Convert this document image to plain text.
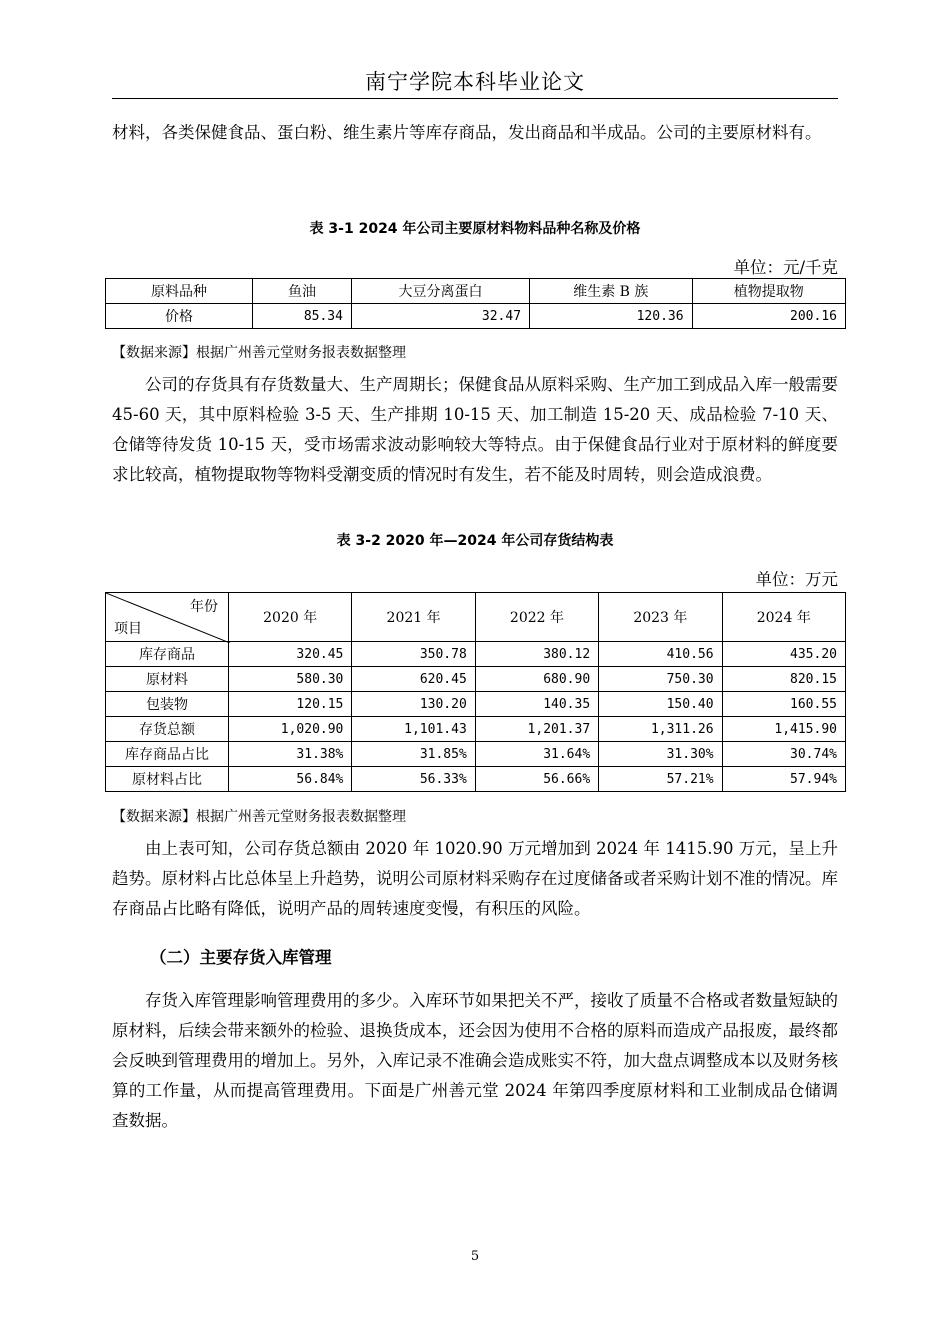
南宁学院本科毕业论文

材料，各类保健食品、蛋白粉、维生素片等库存商品，发出商品和半成品。公司的主要原材料有。

表 3-1 2024 年公司主要原材料物料品种名称及价格
单位：元/千克
原料品种	鱼油	大豆分离蛋白	维生素 B 族	植物提取物
价格	85.34	32.47	120.36	200.16
【数据来源】根据广州善元堂财务报表数据整理

公司的存货具有存货数量大、生产周期长；保健食品从原料采购、生产加工到成品入库一般需要 45-60 天，其中原料检验 3-5 天、生产排期 10-15 天、加工制造 15-20 天、成品检验 7-10 天、仓储等待发货 10-15 天，受市场需求波动影响较大等特点。由于保健食品行业对于原材料的鲜度要求比较高，植物提取物等物料受潮变质的情况时有发生，若不能及时周转，则会造成浪费。

表 3-2 2020 年—2024 年公司存货结构表
单位：万元
年份
项目	2020 年	2021 年	2022 年	2023 年	2024 年
库存商品	320.45	350.78	380.12	410.56	435.20
原材料	580.30	620.45	680.90	750.30	820.15
包装物	120.15	130.20	140.35	150.40	160.55
存货总额	1,020.90	1,101.43	1,201.37	1,311.26	1,415.90
库存商品占比	31.38%	31.85%	31.64%	31.30%	30.74%
原材料占比	56.84%	56.33%	56.66%	57.21%	57.94%
【数据来源】根据广州善元堂财务报表数据整理

由上表可知，公司存货总额由 2020 年 1020.90 万元增加到 2024 年 1415.90 万元，呈上升趋势。原材料占比总体呈上升趋势，说明公司原材料采购存在过度储备或者采购计划不准的情况。库存商品占比略有降低，说明产品的周转速度变慢，有积压的风险。

（二）主要存货入库管理

存货入库管理影响管理费用的多少。入库环节如果把关不严，接收了质量不合格或者数量短缺的原材料，后续会带来额外的检验、退换货成本，还会因为使用不合格的原料而造成产品报废，最终都会反映到管理费用的增加上。另外，入库记录不准确会造成账实不符，加大盘点调整成本以及财务核算的工作量，从而提高管理费用。下面是广州善元堂 2024 年第四季度原材料和工业制成品仓储调查数据。

5
